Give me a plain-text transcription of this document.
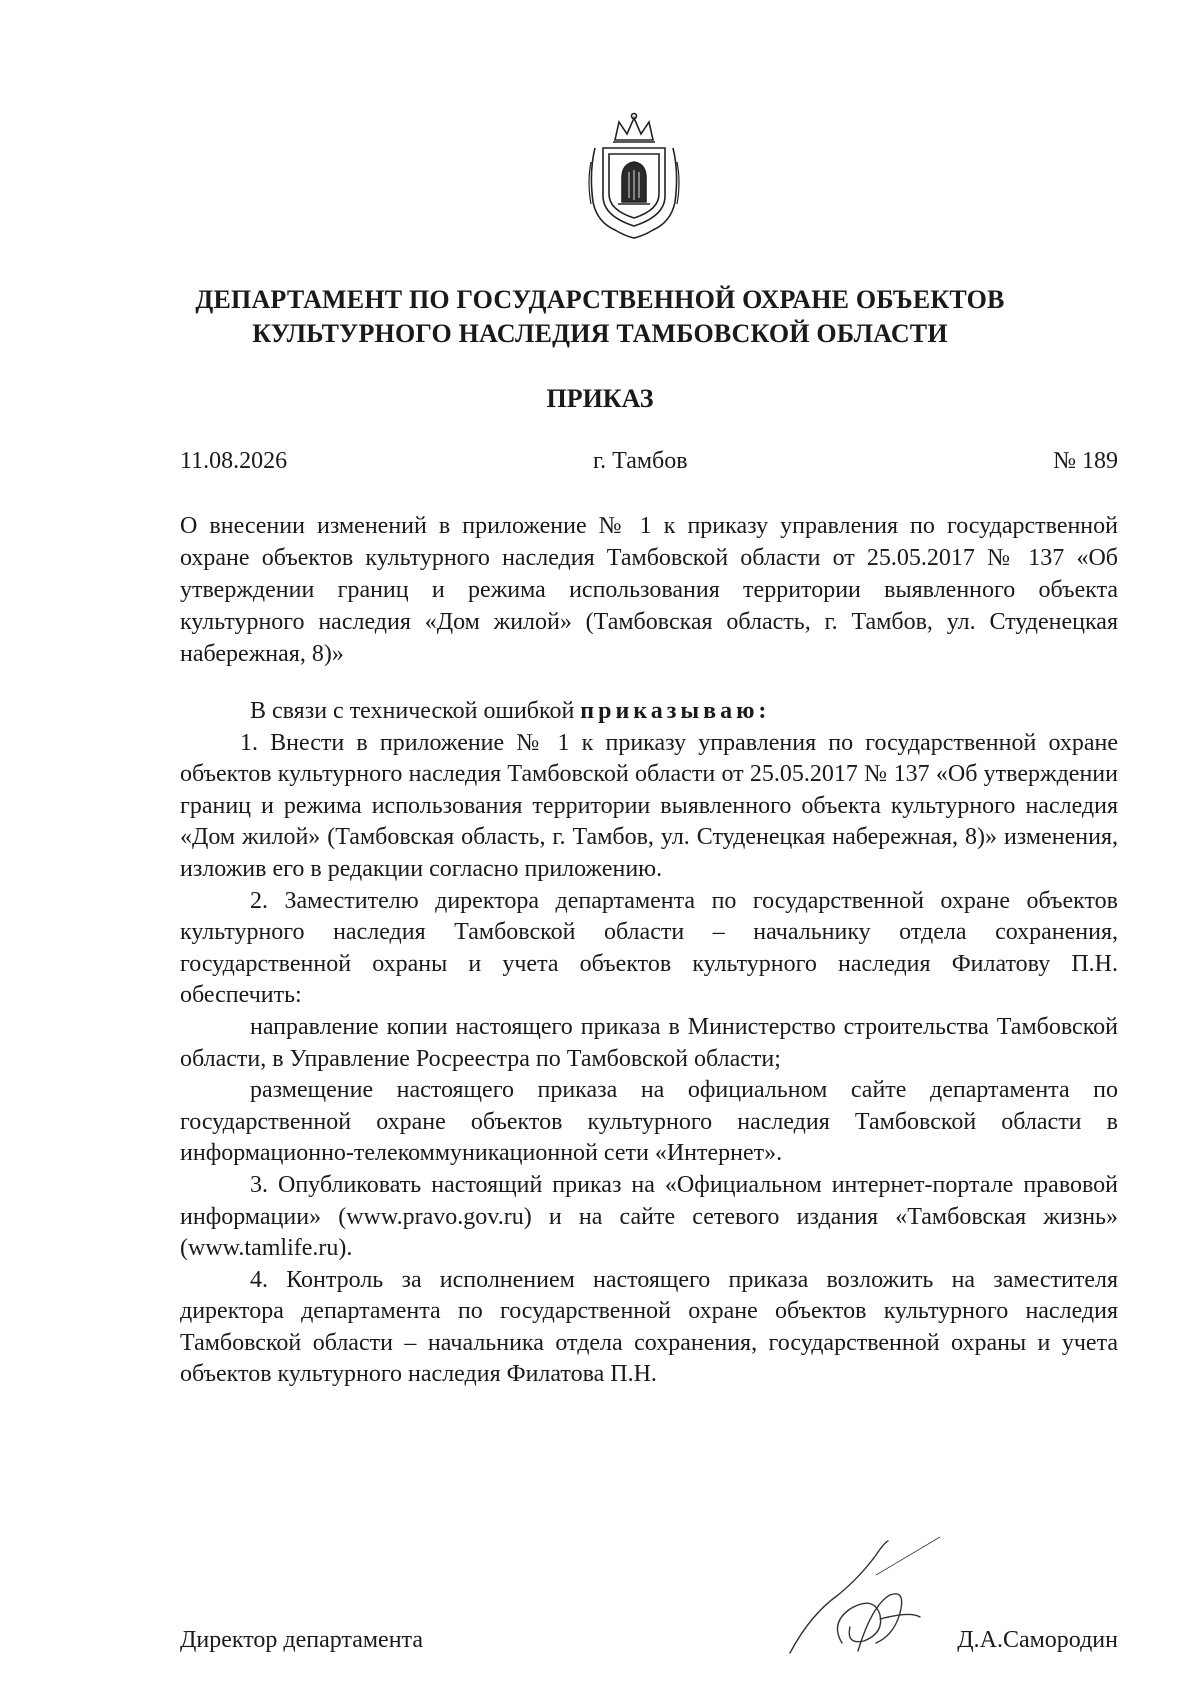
ДЕПАРТАМЕНТ ПО ГОСУДАРСТВЕННОЙ ОХРАНЕ ОБЪЕКТОВ
КУЛЬТУРНОГО НАСЛЕДИЯ ТАМБОВСКОЙ ОБЛАСТИ
ПРИКАЗ
11.08.2026	г. Тамбов	№ 189
О внесении изменений в приложение № 1 к приказу управления по государственной охране объектов культурного наследия Тамбовской области от 25.05.2017 № 137 «Об утверждении границ и режима использования территории выявленного объекта культурного наследия «Дом жилой» (Тамбовская область, г. Тамбов, ул. Студенецкая набережная, 8)»

В связи с технической ошибкой приказываю:

1. Внести в приложение № 1 к приказу управления по государственной охране объектов культурного наследия Тамбовской области от 25.05.2017 № 137 «Об утверждении границ и режима использования территории выявленного объекта культурного наследия «Дом жилой» (Тамбовская область, г. Тамбов, ул. Студенецкая набережная, 8)» изменения, изложив его в редакции согласно приложению.

2. Заместителю директора департамента по государственной охране объектов культурного наследия Тамбовской области – начальнику отдела сохранения, государственной охраны и учета объектов культурного наследия Филатову П.Н. обеспечить:

направление копии настоящего приказа в Министерство строительства Тамбовской области, в Управление Росреестра по Тамбовской области;

размещение настоящего приказа на официальном сайте департамента по государственной охране объектов культурного наследия Тамбовской области в информационно-телекоммуникационной сети «Интернет».

3. Опубликовать настоящий приказ на «Официальном интернет-портале правовой информации» (www.pravo.gov.ru) и на сайте сетевого издания «Тамбовская жизнь» (www.tamlife.ru).

4. Контроль за исполнением настоящего приказа возложить на заместителя директора департамента по государственной охране объектов культурного наследия Тамбовской области – начальника отдела сохранения, государственной охраны и учета объектов культурного наследия Филатова П.Н.

Директор департамента	Д.А.Самородин
